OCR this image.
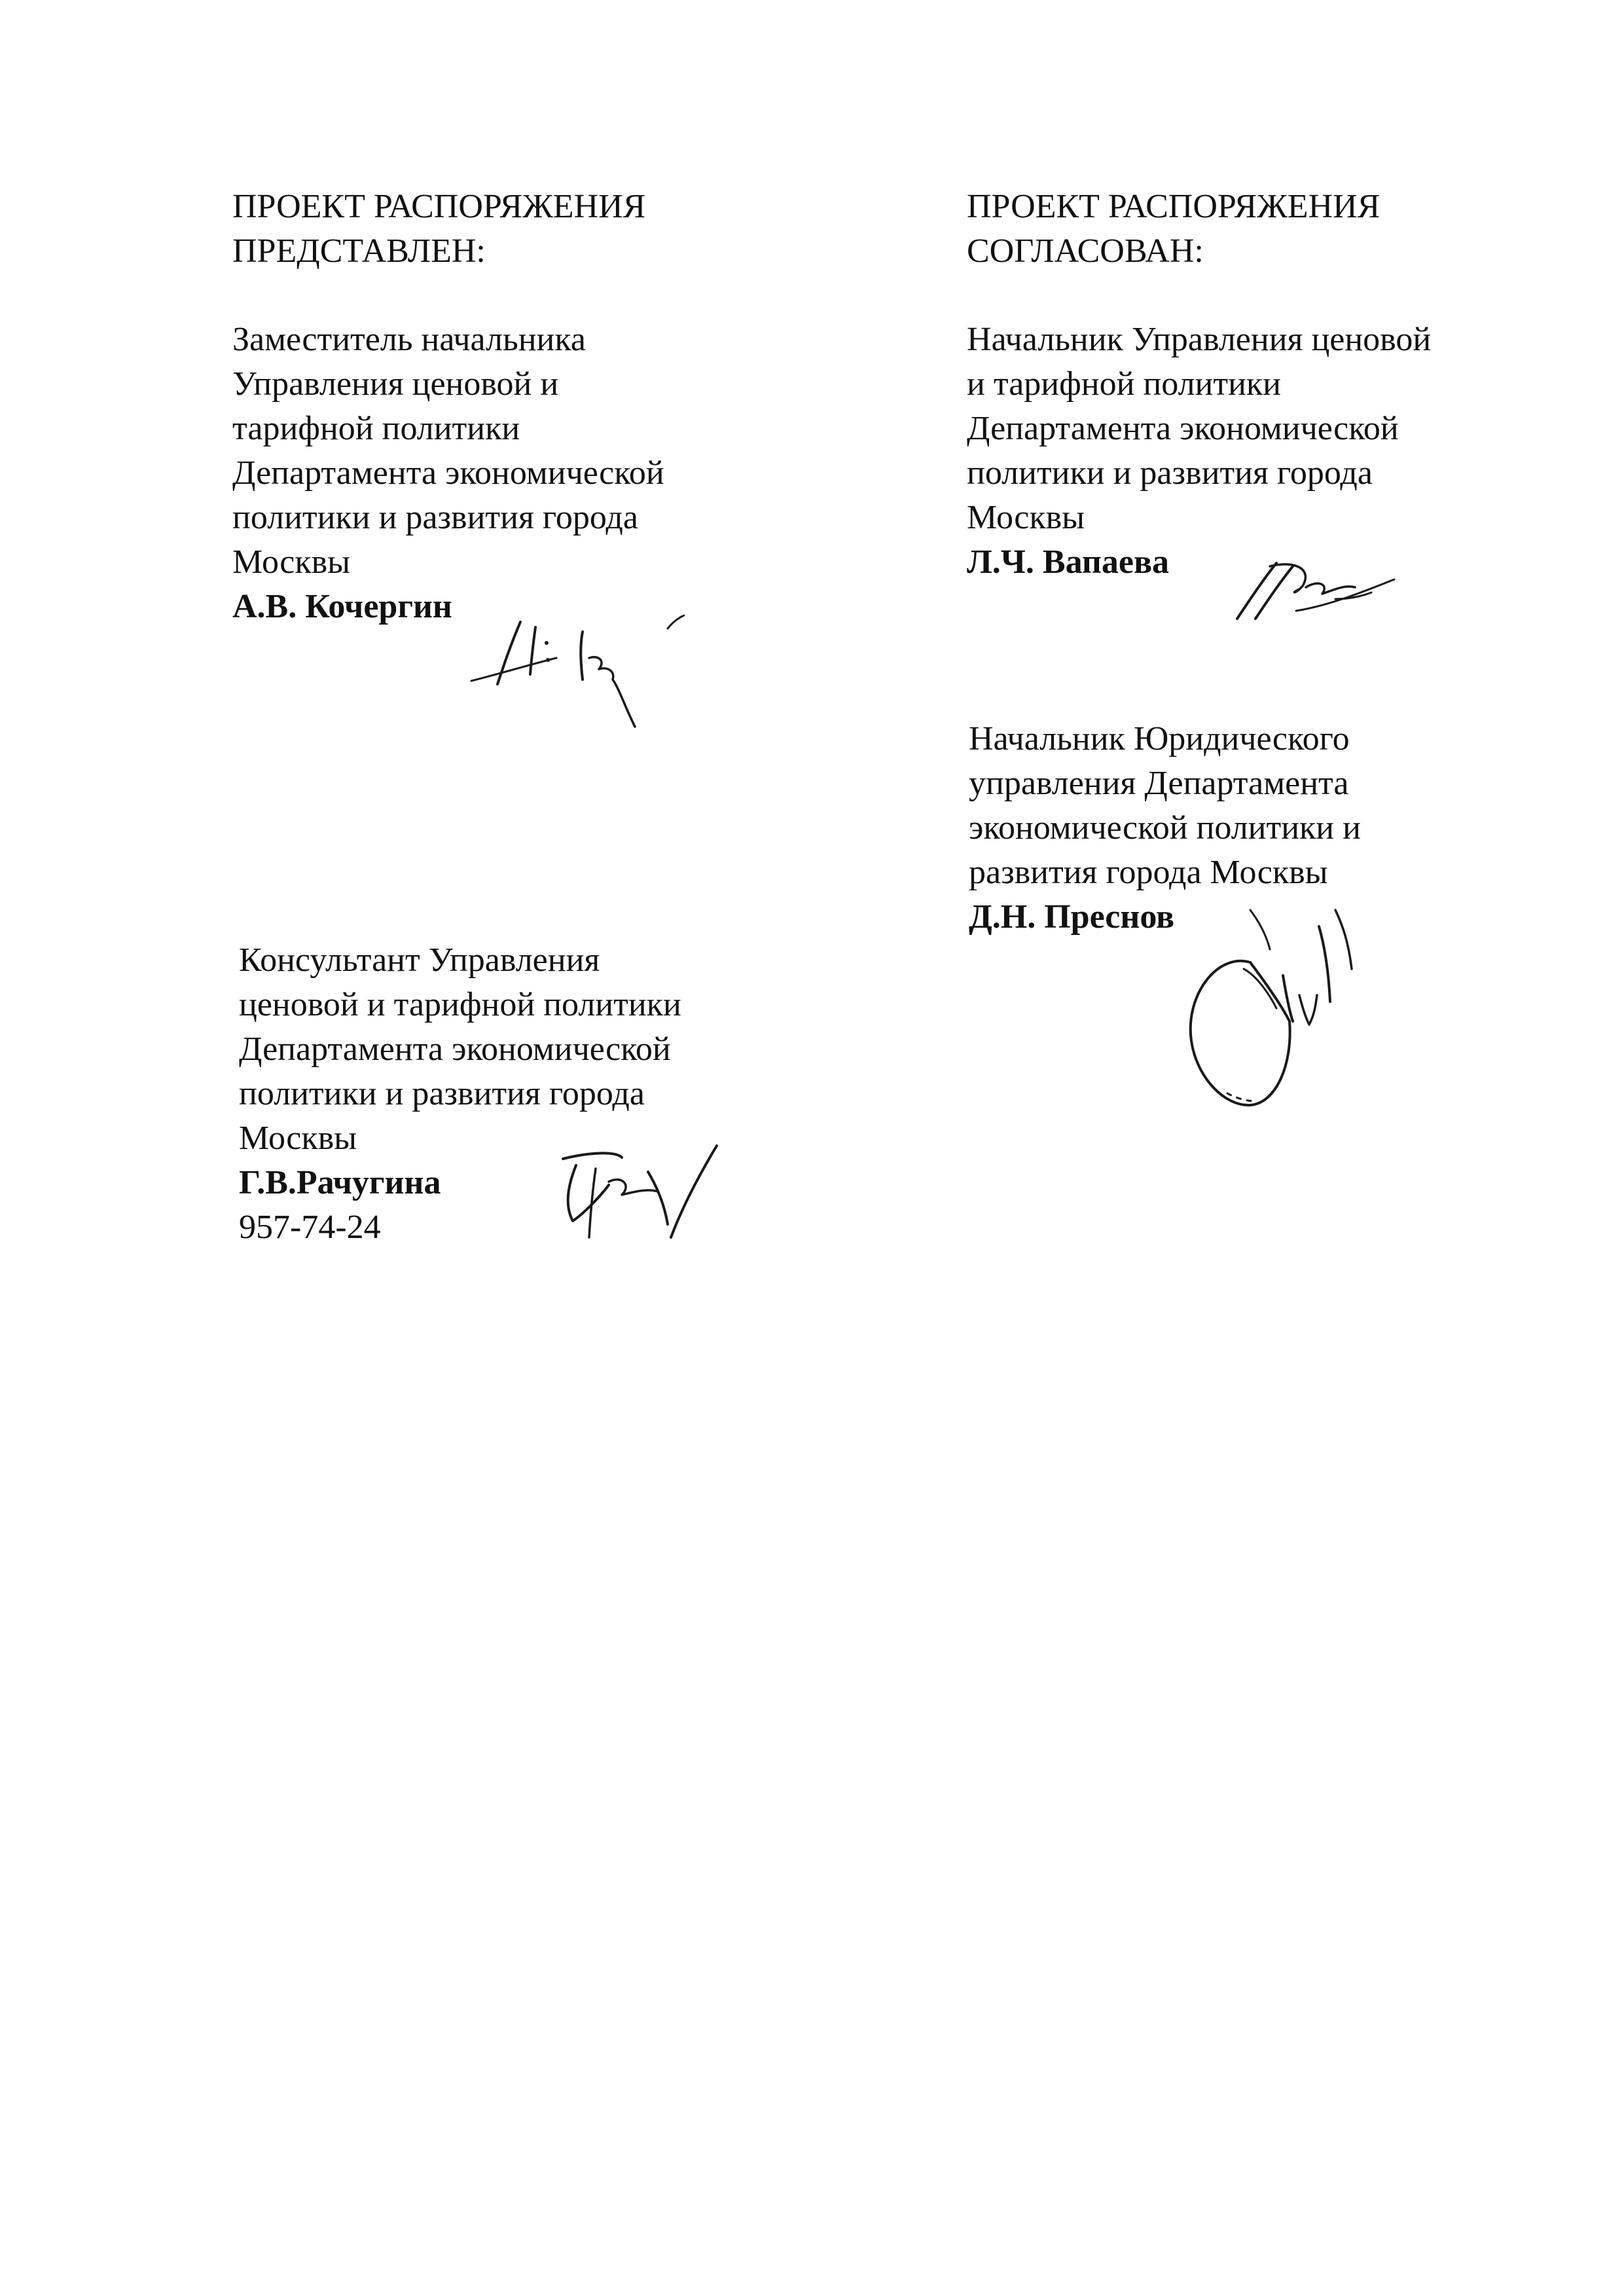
ПРОЕКТ РАСПОРЯЖЕНИЯ
ПРЕДСТАВЛЕН:
ПРОЕКТ РАСПОРЯЖЕНИЯ
СОГЛАСОВАН:
Заместитель начальника
Управления ценовой и
тарифной политики
Департамента экономической
политики и развития города
Москвы
А.В. Кочергин
Начальник Управления ценовой
и тарифной политики
Департамента экономической
политики и развития города
Москвы
Л.Ч. Вапаева
Начальник Юридического
управления Департамента
экономической политики и
развития города Москвы
Д.Н. Преснов
Консультант Управления
ценовой и тарифной политики
Департамента экономической
политики и развития города
Москвы
Г.В.Рачугина
957-74-24
